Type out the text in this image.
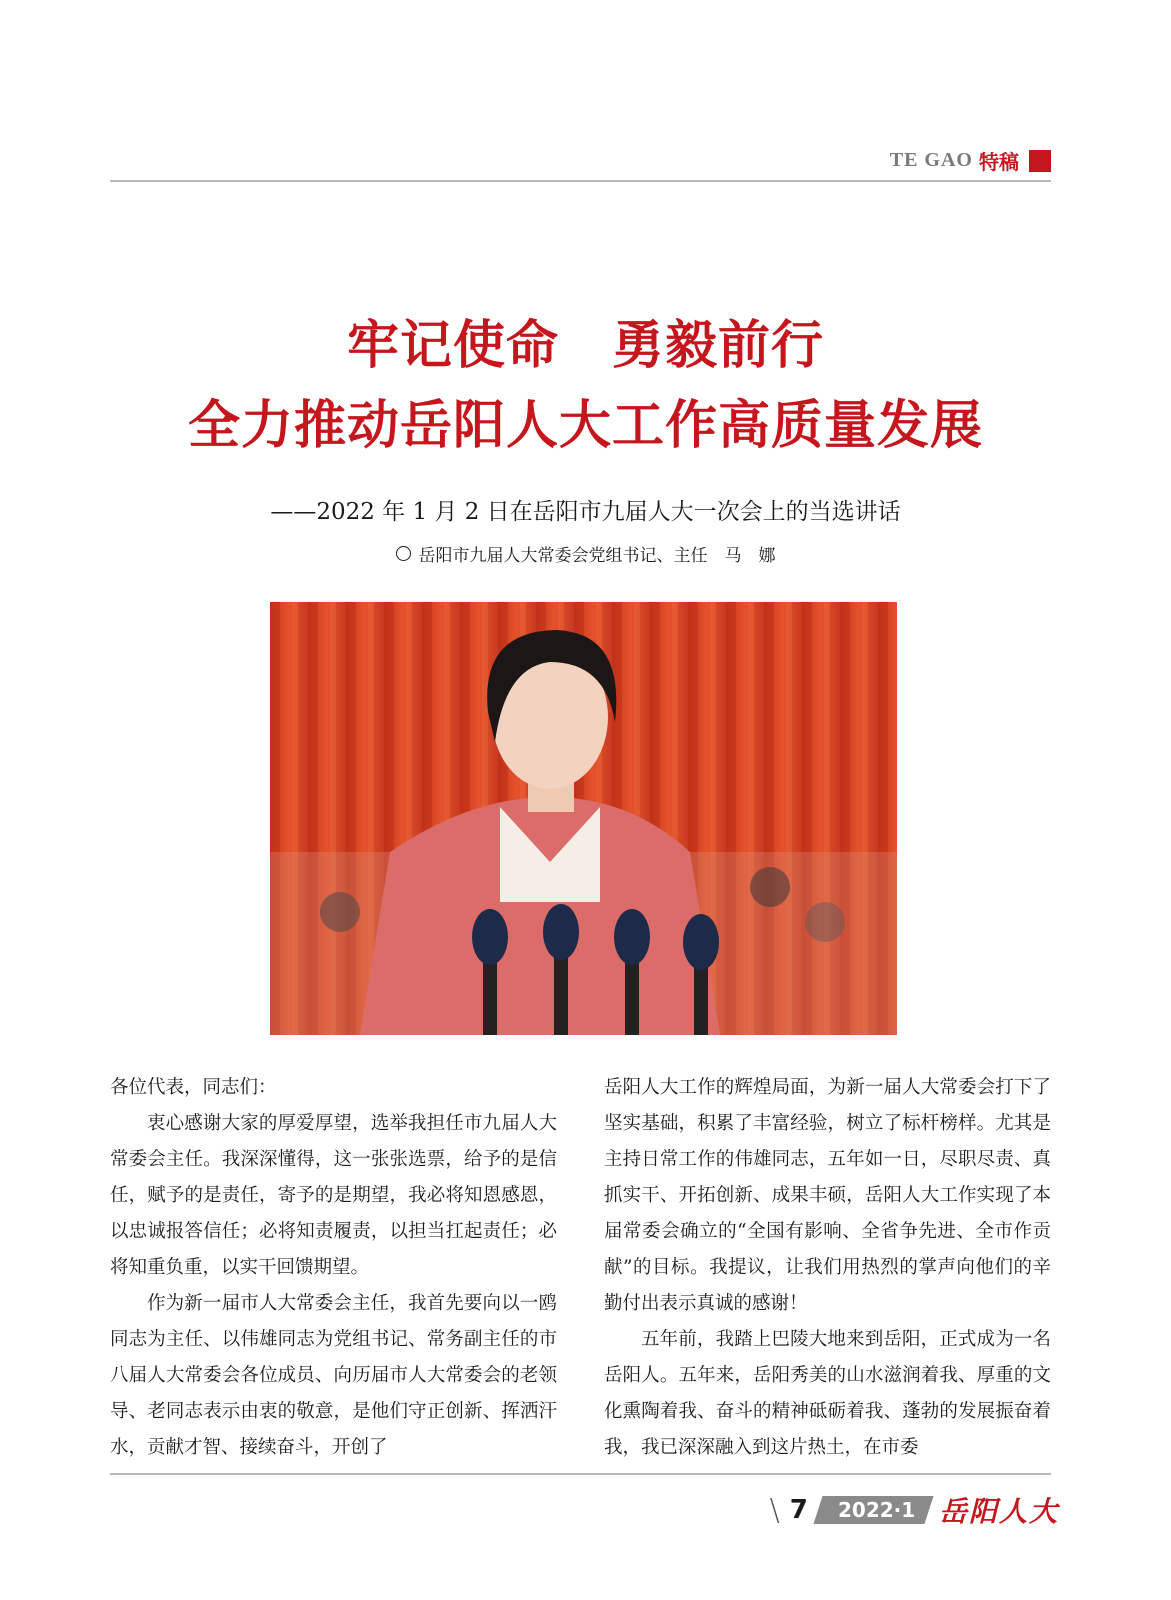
TE GAO 特稿
牢记使命　勇毅前行
全力推动岳阳人大工作高质量发展

——2022 年 1 月 2 日在岳阳市九届人大一次会上的当选讲话

岳阳市九届人大常委会党组书记、主任　马　娜

各位代表，同志们：

衷心感谢大家的厚爱厚望，选举我担任市九届人大常委会主任。我深深懂得，这一张张选票，给予的是信任，赋予的是责任，寄予的是期望，我必将知恩感恩，以忠诚报答信任；必将知责履责，以担当扛起责任；必将知重负重，以实干回馈期望。

作为新一届市人大常委会主任，我首先要向以一鸥同志为主任、以伟雄同志为党组书记、常务副主任的市八届人大常委会各位成员、向历届市人大常委会的老领导、老同志表示由衷的敬意，是他们守正创新、挥洒汗水，贡献才智、接续奋斗，开创了

岳阳人大工作的辉煌局面，为新一届人大常委会打下了坚实基础，积累了丰富经验，树立了标杆榜样。尤其是主持日常工作的伟雄同志，五年如一日，尽职尽责、真抓实干、开拓创新、成果丰硕，岳阳人大工作实现了本届常委会确立的“全国有影响、全省争先进、全市作贡献”的目标。我提议，让我们用热烈的掌声向他们的辛勤付出表示真诚的感谢！

五年前，我踏上巴陵大地来到岳阳，正式成为一名岳阳人。五年来，岳阳秀美的山水滋润着我、厚重的文化熏陶着我、奋斗的精神砥砺着我、蓬勃的发展振奋着我，我已深深融入到这片热土，在市委

\ 7	2022·1 岳阳人大
